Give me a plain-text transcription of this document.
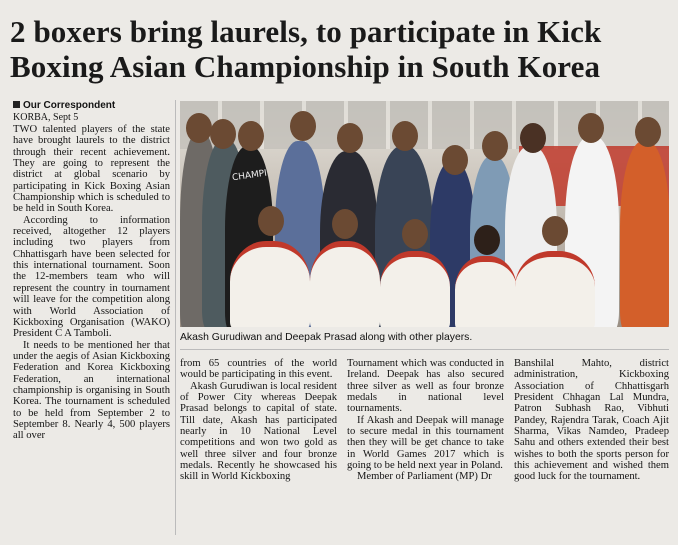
2 boxers bring laurels, to participate in Kick Boxing Asian Championship in South Korea
Our Correspondent
KORBA, Sept 5

TWO talented players of the state have brought laurels to the district through their recent achievement. They are going to represent the district at global scenario by participating in Kick Boxing Asian Championship which is scheduled to be held in South Korea.

According to information received, altogether 12 players including two players from Chhattisgarh have been selected for this international tournament. Soon the 12-members team who will represent the country in tournament will leave for the competition along with World Association of Kickboxing Organisation (WAKO) President C A Tamboli.

It needs to be mentioned her that under the aegis of Asian Kickboxing Federation and Korea Kickboxing Federation, an international championship is organising in South Korea. The tournament is scheduled to be held from September 2 to September 8. Nearly 4, 500 players all over

CHAMPI
Akash Gurudiwan and Deepak Prasad along with other players.

from 65 countries of the world would be participating in this event.

Akash Gurudiwan is local resident of Power City whereas Deepak Prasad belongs to capital of state. Till date, Akash has participated nearly in 10 National Level competitions and won two gold as well three silver and four bronze medals. Recently he showcased his skill in World Kickboxing

Tournament which was conducted in Ireland. Deepak has also secured three silver as well as four bronze medals in national level tournaments.

If Akash and Deepak will manage to secure medal in this tournament then they will be get chance to take in World Games 2017 which is going to be held next year in Poland.

Member of Parliament (MP) Dr

Banshilal Mahto, district administration, Kickboxing Association of Chhattisgarh President Chhagan Lal Mundra, Patron Subhash Rao, Vibhuti Pandey, Rajendra Tarak, Coach Ajit Sharma, Vikas Namdeo, Pradeep Sahu and others extended their best wishes to both the sports person for this achievement and wished them good luck for the tournament.
